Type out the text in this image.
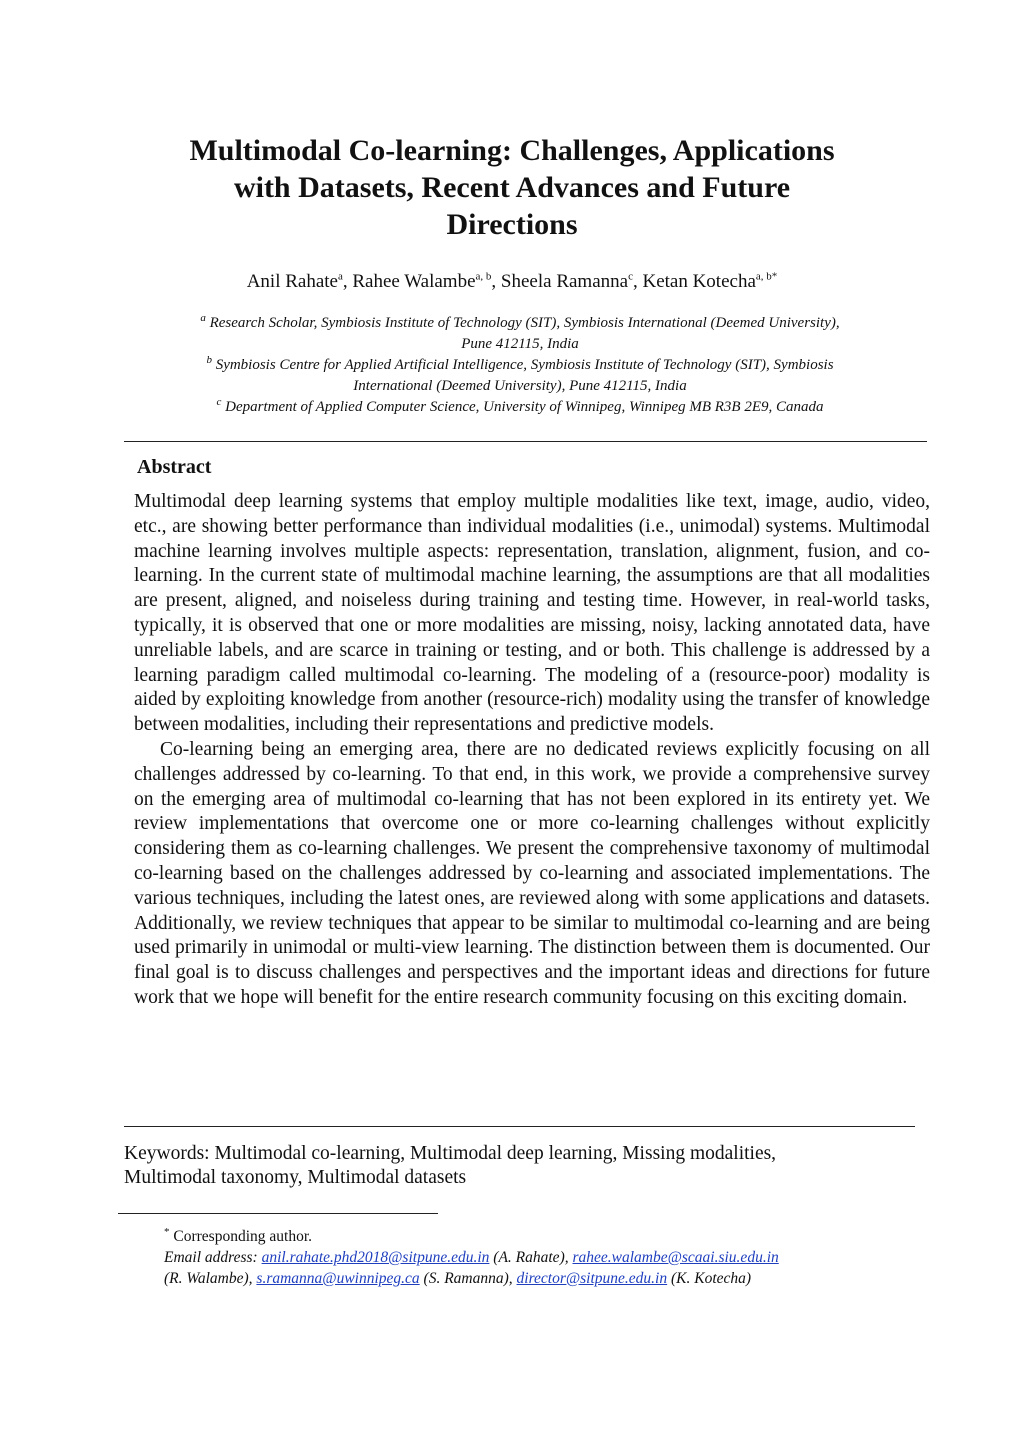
Multimodal Co-learning: Challenges, Applications
with Datasets, Recent Advances and Future
Directions
Anil Rahate$^a$, Rahee Walambe$^{a, b}$, Sheela Ramanna$^c$, Ketan Kotecha$^{a, b*}$
$^a$ Research Scholar, Symbiosis Institute of Technology (SIT), Symbiosis International (Deemed University),
Pune 412115, India
$^b$ Symbiosis Centre for Applied Artificial Intelligence, Symbiosis Institute of Technology (SIT), Symbiosis
International (Deemed University), Pune 412115, India
$^c$ Department of Applied Computer Science, University of Winnipeg, Winnipeg MB R3B 2E9, Canada
Abstract

Multimodal deep learning systems that employ multiple modalities like text, image, audio, video, etc., are showing better performance than individual modalities (i.e., unimodal) systems. Multimodal machine learning involves multiple aspects: representation, translation, alignment, fusion, and co-learning. In the current state of multimodal machine learning, the assumptions are that all modalities are present, aligned, and noiseless during training and testing time. However, in real-world tasks, typically, it is observed that one or more modalities are missing, noisy, lacking annotated data, have unreliable labels, and are scarce in training or testing, and or both. This challenge is addressed by a learning paradigm called multimodal co-learning. The modeling of a (resource-poor) modality is aided by exploiting knowledge from another (resource-rich) modality using the transfer of knowledge between modalities, including their representations and predictive models.

Co-learning being an emerging area, there are no dedicated reviews explicitly focusing on all challenges addressed by co-learning. To that end, in this work, we provide a comprehensive survey on the emerging area of multimodal co-learning that has not been explored in its entirety yet. We review implementations that overcome one or more co-learning challenges without explicitly considering them as co-learning challenges. We present the comprehensive taxonomy of multimodal co-learning based on the challenges addressed by co-learning and associated implementations. The various techniques, including the latest ones, are reviewed along with some applications and datasets. Additionally, we review techniques that appear to be similar to multimodal co-learning and are being used primarily in unimodal or multi-view learning. The distinction between them is documented. Our final goal is to discuss challenges and perspectives and the important ideas and directions for future work that we hope will benefit for the entire research community focusing on this exciting domain.

Keywords: Multimodal co-learning, Multimodal deep learning, Missing modalities,
Multimodal taxonomy, Multimodal datasets
* Corresponding author.
Email address: anil.rahate.phd2018@sitpune.edu.in (A. Rahate), rahee.walambe@scaai.siu.edu.in
(R. Walambe), s.ramanna@uwinnipeg.ca (S. Ramanna), director@sitpune.edu.in (K. Kotecha)
